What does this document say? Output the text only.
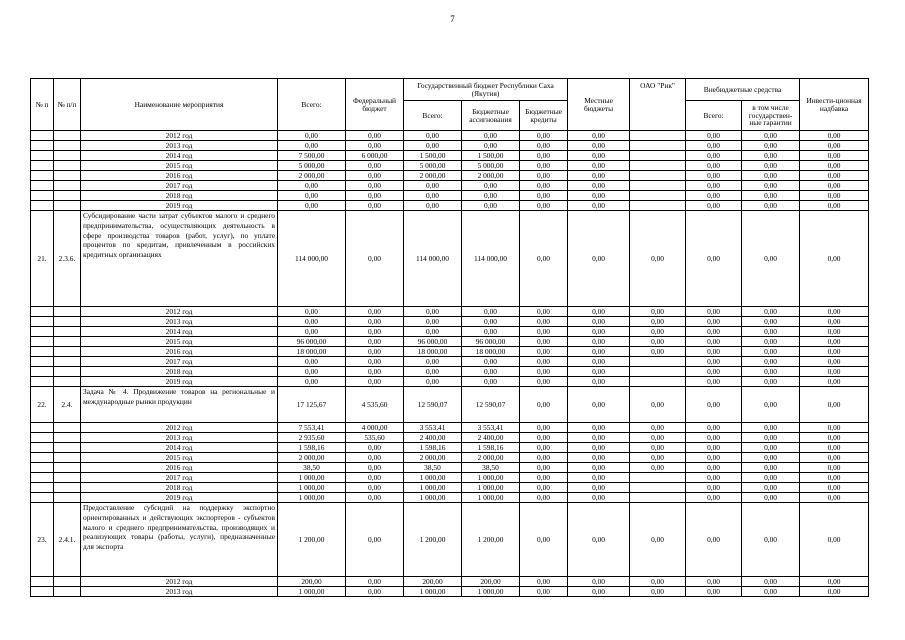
7
№ п	№ п/п	Наименование мероприятия	Всего:	Федеральный бюджет	Государственный бюджет Республики Саха (Якутия)			Местные бюджеты	ОАО "Рик"	Внебюджетные средства		Инвести-ционная надбавка
					Всего:	Бюджетные ассигнования	Бюджетные кредиты			Всего:	в том числе государствен-ные гарантии	
		2012 год	0,00	0,00	0,00	0,00	0,00	0,00		0,00	0,00	0,00
		2013 год	0,00	0,00	0,00	0,00	0,00	0,00		0,00	0,00	0,00
		2014 год	7 500,00	6 000,00	1 500,00	1 500,00	0,00	0,00		0,00	0,00	0,00
		2015 год	5 000,00	0,00	5 000,00	5 000,00	0,00	0,00		0,00	0,00	0,00
		2016 год	2 000,00	0,00	2 000,00	2 000,00	0,00	0,00		0,00	0,00	0,00
		2017 год	0,00	0,00	0,00	0,00	0,00	0,00		0,00	0,00	0,00
		2018 год	0,00	0,00	0,00	0,00	0,00	0,00		0,00	0,00	0,00
		2019 год	0,00	0,00	0,00	0,00	0,00	0,00		0,00	0,00	0,00
21.	2.3.6.	Субсидирование части затрат субъектов малого и среднего предпринимательства, осуществляющих деятельность в сфере производства товаров (работ, услуг), по уплате процентов по кредитам, привлеченным в российских кредитных организациях	114 000,00	0,00	114 000,00	114 000,00	0,00	0,00	0,00	0,00	0,00	0,00
		2012 год	0,00	0,00	0,00	0,00	0,00	0,00	0,00	0,00	0,00	0,00
		2013 год	0,00	0,00	0,00	0,00	0,00	0,00	0,00	0,00	0,00	0,00
		2014 год	0,00	0,00	0,00	0,00	0,00	0,00	0,00	0,00	0,00	0,00
		2015 год	96 000,00	0,00	96 000,00	96 000,00	0,00	0,00	0,00	0,00	0,00	0,00
		2016 год	18 000,00	0,00	18 000,00	18 000,00	0,00	0,00	0,00	0,00	0,00	0,00
		2017 год	0,00	0,00	0,00	0,00	0,00	0,00		0,00	0,00	0,00
		2018 год	0,00	0,00	0,00	0,00	0,00	0,00		0,00	0,00	0,00
		2019 год	0,00	0,00	0,00	0,00	0,00	0,00		0,00	0,00	0,00
22.	2.4.	Задача № 4. Продвижение товаров на региональные и международные рынки продукции	17 125,67	4 535,60	12 590,07	12 590,07	0,00	0,00	0,00	0,00	0,00	0,00
		2012 год	7 553,41	4 000,00	3 553,41	3 553,41	0,00	0,00	0,00	0,00	0,00	0,00
		2013 год	2 935,60	535,60	2 400,00	2 400,00	0,00	0,00	0,00	0,00	0,00	0,00
		2014 год	1 598,16	0,00	1 598,16	1 598,16	0,00	0,00	0,00	0,00	0,00	0,00
		2015 год	2 000,00	0,00	2 000,00	2 000,00	0,00	0,00	0,00	0,00	0,00	0,00
		2016 год	38,50	0,00	38,50	38,50	0,00	0,00	0,00	0,00	0,00	0,00
		2017 год	1 000,00	0,00	1 000,00	1 000,00	0,00	0,00		0,00	0,00	0,00
		2018 год	1 000,00	0,00	1 000,00	1 000,00	0,00	0,00		0,00	0,00	0,00
		2019 год	1 000,00	0,00	1 000,00	1 000,00	0,00	0,00		0,00	0,00	0,00
23.	2.4.1.	Предоставление субсидий на поддержку экспортно ориентированных и действующих экспортеров - субъектов малого и среднего предпринимательства, производящих и реализующих товары (работы, услуги), предназначенные для экспорта	1 200,00	0,00	1 200,00	1 200,00	0,00	0,00	0,00	0,00	0,00	0,00
		2012 год	200,00	0,00	200,00	200,00	0,00	0,00	0,00	0,00	0,00	0,00
		2013 год	1 000,00	0,00	1 000,00	1 000,00	0,00	0,00	0,00	0,00	0,00	0,00
